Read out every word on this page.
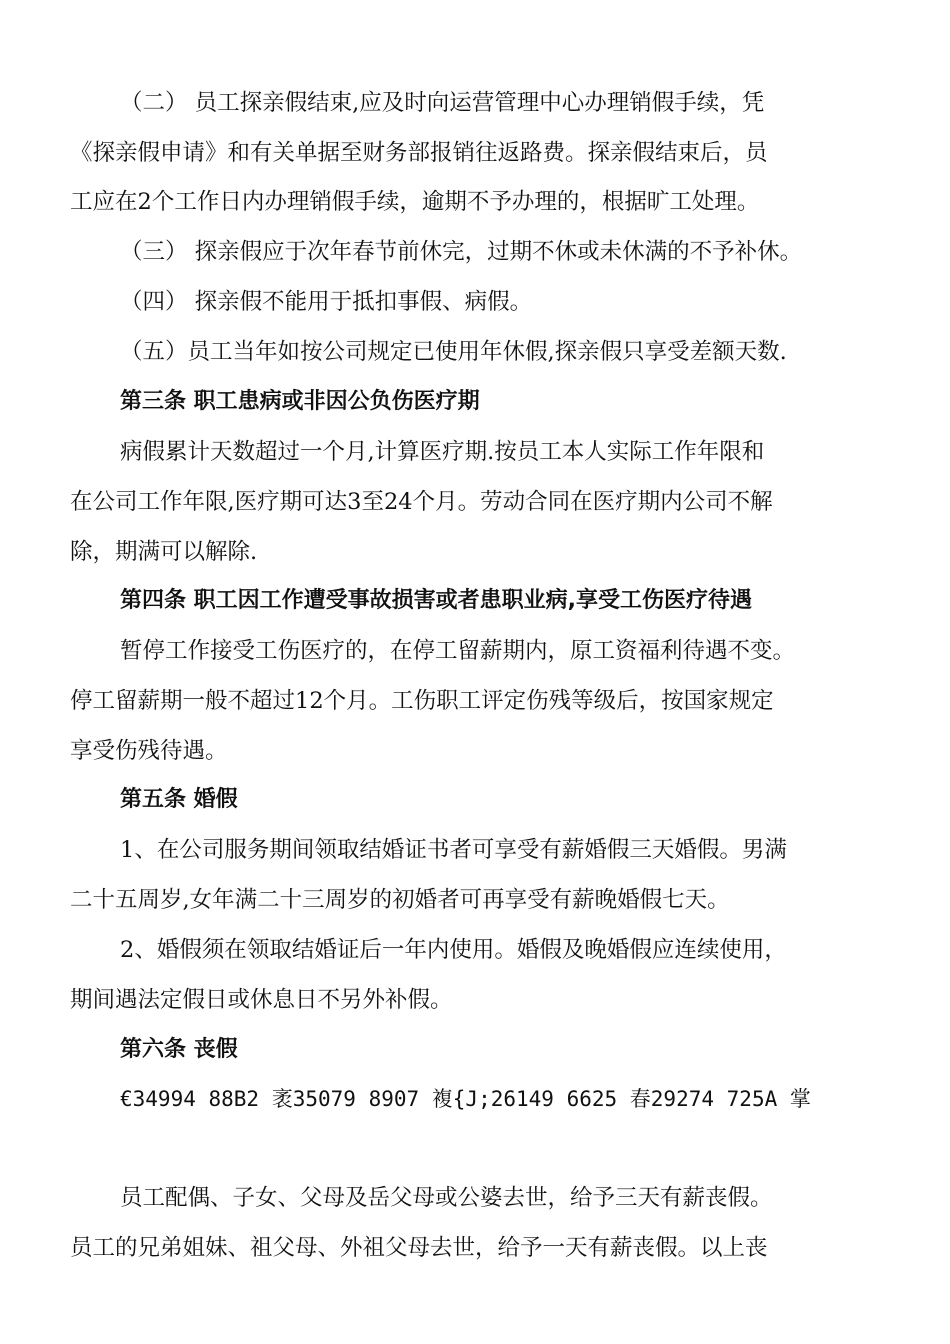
（二） 员工探亲假结束,应及时向运营管理中心办理销假手续，凭
《探亲假申请》和有关单据至财务部报销往返路费。探亲假结束后，员
工应在2个工作日内办理销假手续，逾期不予办理的，根据旷工处理。
（三） 探亲假应于次年春节前休完，过期不休或未休满的不予补休。
（四） 探亲假不能用于抵扣事假、病假。
（五）员工当年如按公司规定已使用年休假,探亲假只享受差额天数.
第三条 职工患病或非因公负伤医疗期
病假累计天数超过一个月,计算医疗期.按员工本人实际工作年限和
在公司工作年限,医疗期可达3至24个月。劳动合同在医疗期内公司不解
除，期满可以解除.
第四条 职工因工作遭受事故损害或者患职业病,享受工伤医疗待遇
暂停工作接受工伤医疗的，在停工留薪期内，原工资福利待遇不变。
停工留薪期一般不超过12个月。工伤职工评定伤残等级后，按国家规定
享受伤残待遇。
第五条 婚假
1、在公司服务期间领取结婚证书者可享受有薪婚假三天婚假。男满
二十五周岁,女年满二十三周岁的初婚者可再享受有薪晚婚假七天。
2、婚假须在领取结婚证后一年内使用。婚假及晚婚假应连续使用，
期间遇法定假日或休息日不另外补假。
第六条 丧假
€34994 88B2 袤35079 8907 複{J;26149 6625 春29274 725A 掌
员工配偶、子女、父母及岳父母或公婆去世，给予三天有薪丧假。
员工的兄弟姐妹、祖父母、外祖父母去世，给予一天有薪丧假。以上丧
